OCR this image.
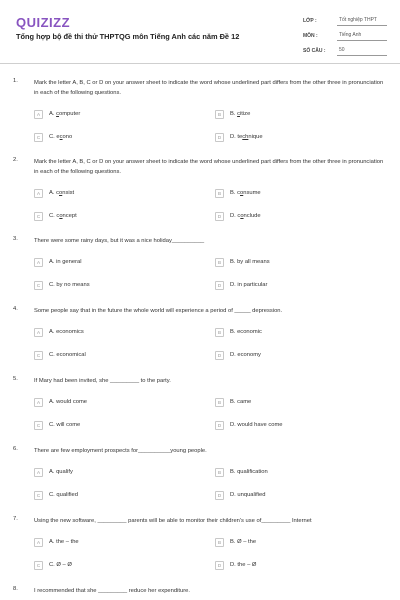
QUIZIZZ
Tổng hợp bộ đề thi thử THPTQG môn Tiếng Anh các năm Đề 12
LỚP :	Tốt nghiệp THPT
MÔN :	Tiếng Anh
SỐ CÂU :	50
1.	Mark the letter A, B, C or D on your answer sheet to indicate the word whose underlined part differs from the other three in pronunciation in each of the following questions.
A	A. computer	B	B. citize
C	C. econo	D	D. technique
2.	Mark the letter A, B, C or D on your answer sheet to indicate the word whose underlined part differs from the other three in pronunciation in each of the following questions.
A	A. consist	B	B. consume
C	C. concept	D	D. conclude
3.	There were some rainy days, but it was a nice holiday__________
A	A. in general	B	B. by all means
C	C. by no means	D	D. in particular
4.	Some people say that in the future the whole world will experience a period of _____ depression.
A	A. economics	B	B. economic
C	C. economical	D	D. economy
5.	If Mary had been invited, she _________ to the party.
A	A. would come	B	B. came
C	C. will come	D	D. would have come
6.	There are few employment prospects for__________young people.
A	A. qualify	B	B. qualification
C	C. qualified	D	D. unqualified
7.	Using the new software, _________ parents will be able to monitor their children's use of_________ Internet
A	A. the – the	B	B. Ø – the
C	C. Ø – Ø	D	D. the – Ø
8.	I recommended that she _________ reduce her expenditure.
